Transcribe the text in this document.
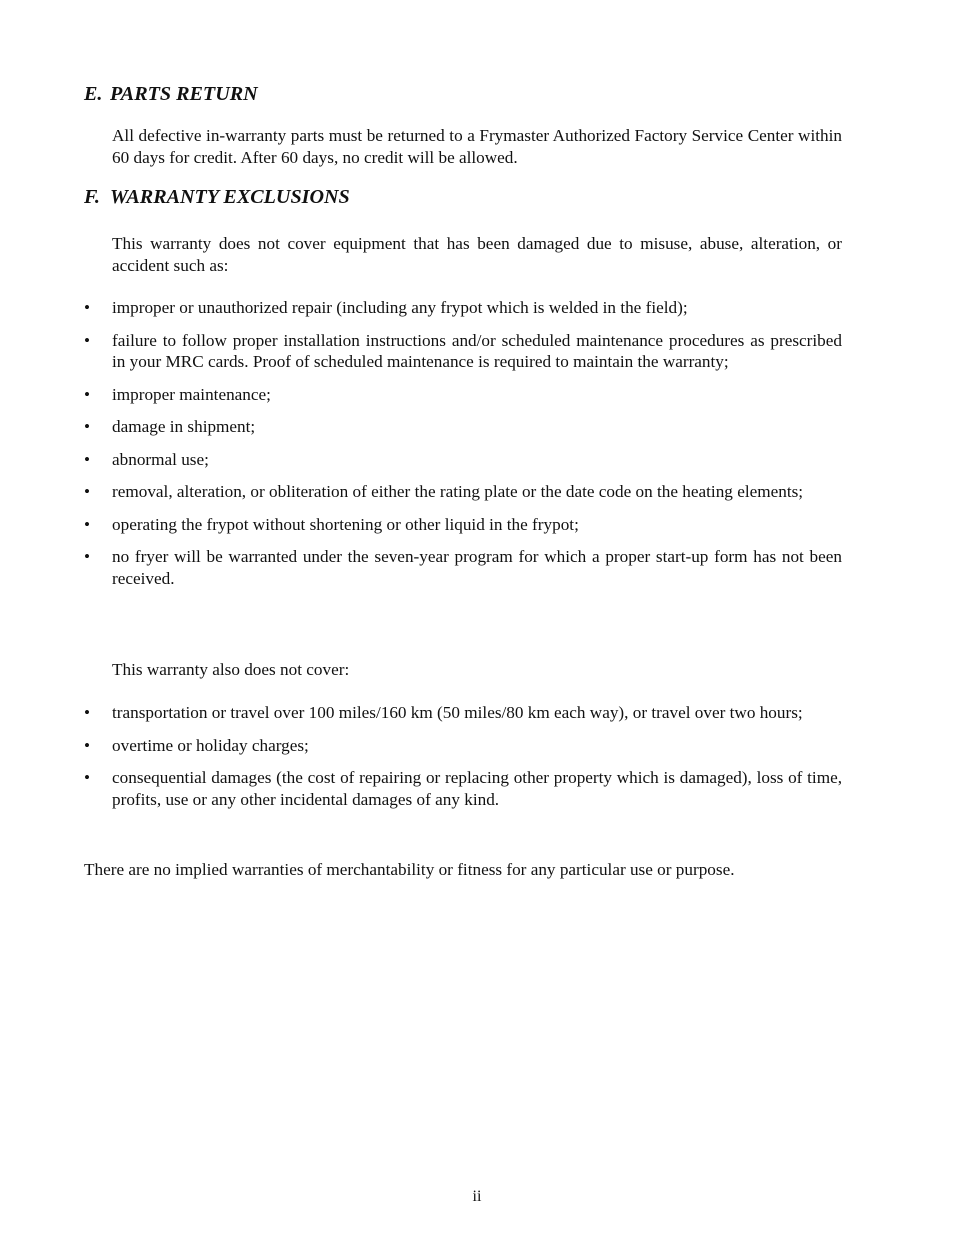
E. PARTS RETURN

All defective in-warranty parts must be returned to a Frymaster Authorized Factory Service Center within 60 days for credit. After 60 days, no credit will be allowed.

F. WARRANTY EXCLUSIONS

This warranty does not cover equipment that has been damaged due to misuse, abuse, alteration, or accident such as:

•	improper or unauthorized repair (including any frypot which is welded in the field);
•	failure to follow proper installation instructions and/or scheduled maintenance procedures as prescribed in your MRC cards. Proof of scheduled maintenance is required to maintain the warranty;
•	improper maintenance;
•	damage in shipment;
•	abnormal use;
•	removal, alteration, or obliteration of either the rating plate or the date code on the heating elements;
•	operating the frypot without shortening or other liquid in the frypot;
•	no fryer will be warranted under the seven-year program for which a proper start-up form has not been received.

This warranty also does not cover:

•	transportation or travel over 100 miles/160 km (50 miles/80 km each way), or travel over two hours;
•	overtime or holiday charges;
•	consequential damages (the cost of repairing or replacing other property which is damaged), loss of time, profits, use or any other incidental damages of any kind.

There are no implied warranties of merchantability or fitness for any particular use or purpose.

ii
